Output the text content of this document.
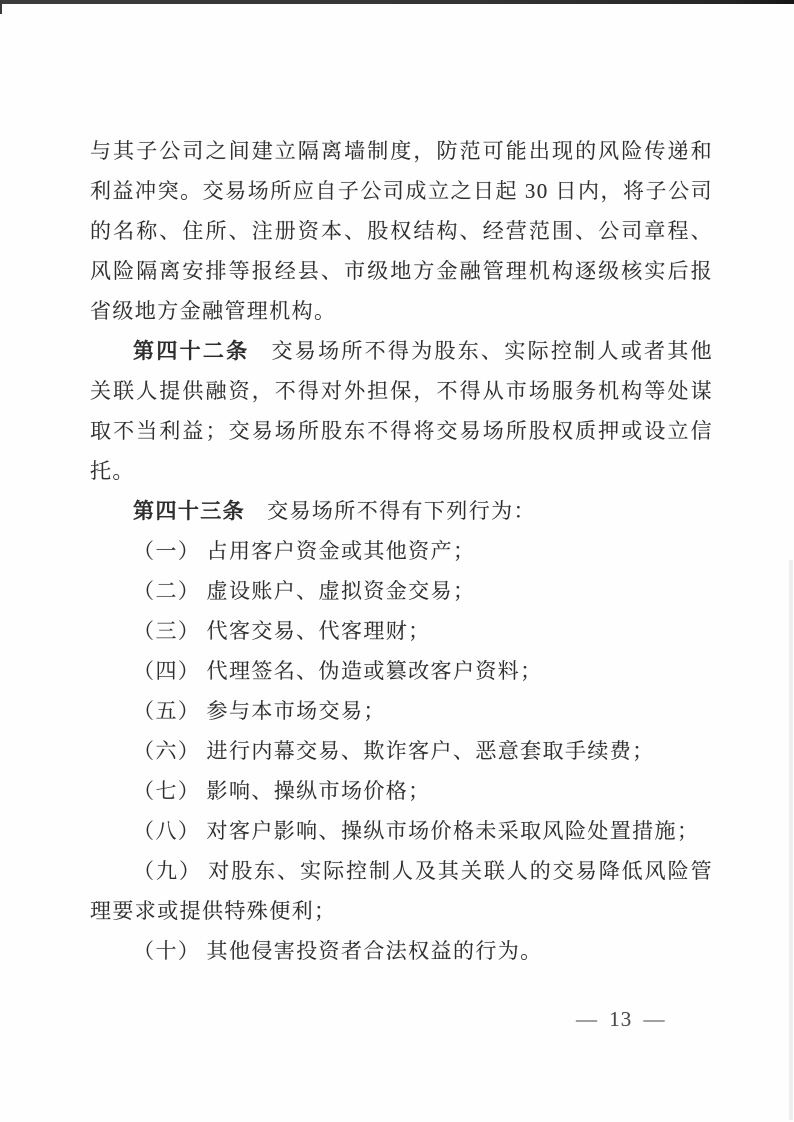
与其子公司之间建立隔离墙制度，防范可能出现的风险传递和利益冲突。交易场所应自子公司成立之日起 30 日内，将子公司的名称、住所、注册资本、股权结构、经营范围、公司章程、风险隔离安排等报经县、市级地方金融管理机构逐级核实后报省级地方金融管理机构。

第四十二条 交易场所不得为股东、实际控制人或者其他关联人提供融资，不得对外担保，不得从市场服务机构等处谋取不当利益；交易场所股东不得将交易场所股权质押或设立信托。

第四十三条 交易场所不得有下列行为：

（一） 占用客户资金或其他资产；

（二） 虚设账户、虚拟资金交易；

（三） 代客交易、代客理财；

（四） 代理签名、伪造或篡改客户资料；

（五） 参与本市场交易；

（六） 进行内幕交易、欺诈客户、恶意套取手续费；

（七） 影响、操纵市场价格；

（八） 对客户影响、操纵市场价格未采取风险处置措施；

（九） 对股东、实际控制人及其关联人的交易降低风险管理要求或提供特殊便利；

（十） 其他侵害投资者合法权益的行为。

— 13 —
